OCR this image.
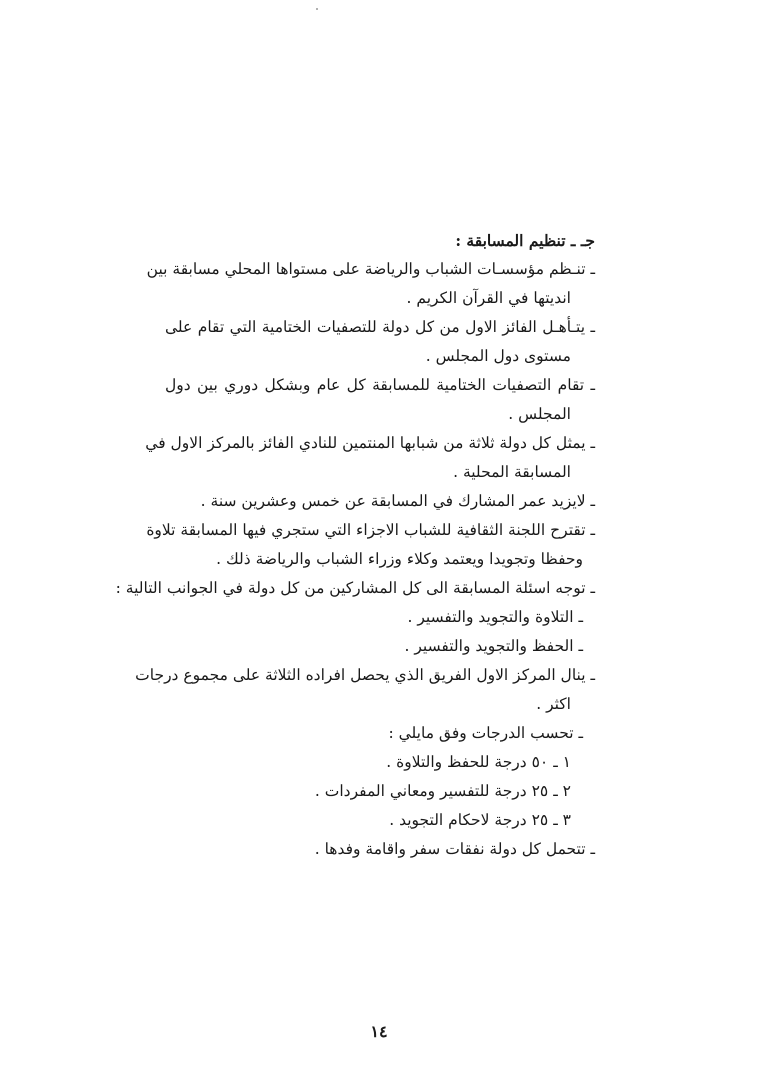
جـ ـ تنظيم المسابقة :
ـ تنـظم مؤسسـات الشباب والرياضة على مستواها المحلي مسابقة بين
انديتها في القرآن الكريم .
ـ يتـأهـل الفائز الاول من كل دولة للتصفيات الختامية التي تقام على
مستوى دول المجلس .
ـ تقام التصفيات الختامية للمسابقة كل عام وبشكل دوري بين دول
المجلس .
ـ يمثل كل دولة ثلاثة من شبابها المنتمين للنادي الفائز بالمركز الاول في
المسابقة المحلية .
ـ لايزيد عمر المشارك في المسابقة عن خمس وعشرين سنة .
ـ تقترح اللجنة الثقافية للشباب الاجزاء التي ستجري فيها المسابقة تلاوة
وحفظا وتجويدا ويعتمد وكلاء وزراء الشباب والرياضة ذلك .
ـ توجه اسئلة المسابقة الى كل المشاركين من كل دولة في الجوانب التالية :
ـ التلاوة والتجويد والتفسير .
ـ الحفظ والتجويد والتفسير .
ـ ينال المركز الاول الفريق الذي يحصل افراده الثلاثة على مجموع درجات
اكثر .
ـ تحسب الدرجات وفق مايلي :
١ ـ ٥٠ درجة للحفظ والتلاوة .
٢ ـ ٢٥ درجة للتفسير ومعاني المفردات .
٣ ـ ٢٥ درجة لاحكام التجويد .
ـ تتحمل كل دولة نفقات سفر واقامة وفدها .
١٤
